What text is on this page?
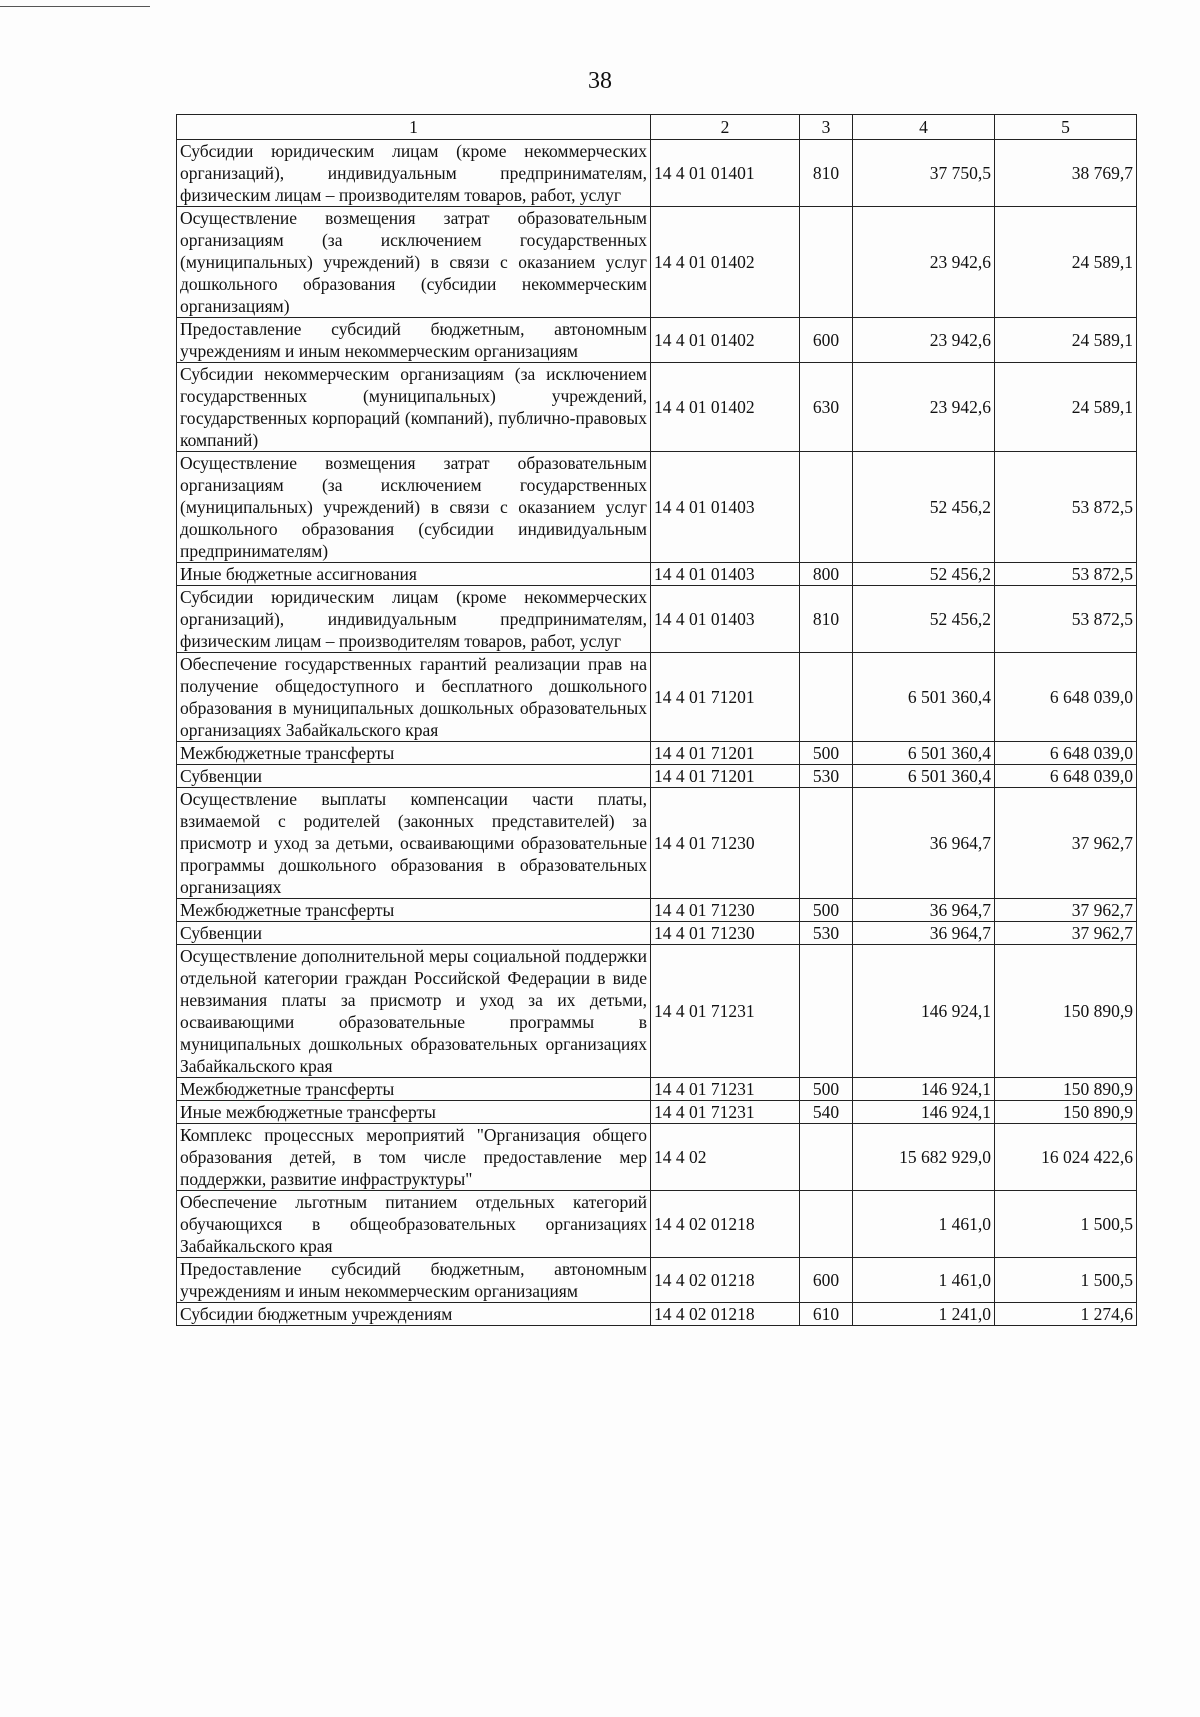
38
1	2	3	4	5
Субсидии юридическим лицам (кроме некоммерческих организаций), индивидуальным предпринимателям, физическим лицам – производителям товаров, работ, услуг	14 4 01 01401	810	37 750,5	38 769,7
Осуществление возмещения затрат образовательным организациям (за исключением государственных (муниципальных) учреждений) в связи с оказанием услуг дошкольного образования (субсидии некоммерческим организациям)	14 4 01 01402		23 942,6	24 589,1
Предоставление субсидий бюджетным, автономным учреждениям и иным некоммерческим организациям	14 4 01 01402	600	23 942,6	24 589,1
Субсидии некоммерческим организациям (за исключением государственных (муниципальных) учреждений, государственных корпораций (компаний), публично-правовых компаний)	14 4 01 01402	630	23 942,6	24 589,1
Осуществление возмещения затрат образовательным организациям (за исключением государственных (муниципальных) учреждений) в связи с оказанием услуг дошкольного образования (субсидии индивидуальным предпринимателям)	14 4 01 01403		52 456,2	53 872,5
Иные бюджетные ассигнования	14 4 01 01403	800	52 456,2	53 872,5
Субсидии юридическим лицам (кроме некоммерческих организаций), индивидуальным предпринимателям, физическим лицам – производителям товаров, работ, услуг	14 4 01 01403	810	52 456,2	53 872,5
Обеспечение государственных гарантий реализации прав на получение общедоступного и бесплатного дошкольного образования в муниципальных дошкольных образовательных организациях Забайкальского края	14 4 01 71201		6 501 360,4	6 648 039,0
Межбюджетные трансферты	14 4 01 71201	500	6 501 360,4	6 648 039,0
Субвенции	14 4 01 71201	530	6 501 360,4	6 648 039,0
Осуществление выплаты компенсации части платы, взимаемой с родителей (законных представителей) за присмотр и уход за детьми, осваивающими образовательные программы дошкольного образования в образовательных организациях	14 4 01 71230		36 964,7	37 962,7
Межбюджетные трансферты	14 4 01 71230	500	36 964,7	37 962,7
Субвенции	14 4 01 71230	530	36 964,7	37 962,7
Осуществление дополнительной меры социальной поддержки отдельной категории граждан Российской Федерации в виде невзимания платы за присмотр и уход за их детьми, осваивающими образовательные программы в муниципальных дошкольных образовательных организациях Забайкальского края	14 4 01 71231		146 924,1	150 890,9
Межбюджетные трансферты	14 4 01 71231	500	146 924,1	150 890,9
Иные межбюджетные трансферты	14 4 01 71231	540	146 924,1	150 890,9
Комплекс процессных мероприятий "Организация общего образования детей, в том числе предоставление мер поддержки, развитие инфраструктуры"	14 4 02		15 682 929,0	16 024 422,6
Обеспечение льготным питанием отдельных категорий обучающихся в общеобразовательных организациях Забайкальского края	14 4 02 01218		1 461,0	1 500,5
Предоставление субсидий бюджетным, автономным учреждениям и иным некоммерческим организациям	14 4 02 01218	600	1 461,0	1 500,5
Субсидии бюджетным учреждениям	14 4 02 01218	610	1 241,0	1 274,6
